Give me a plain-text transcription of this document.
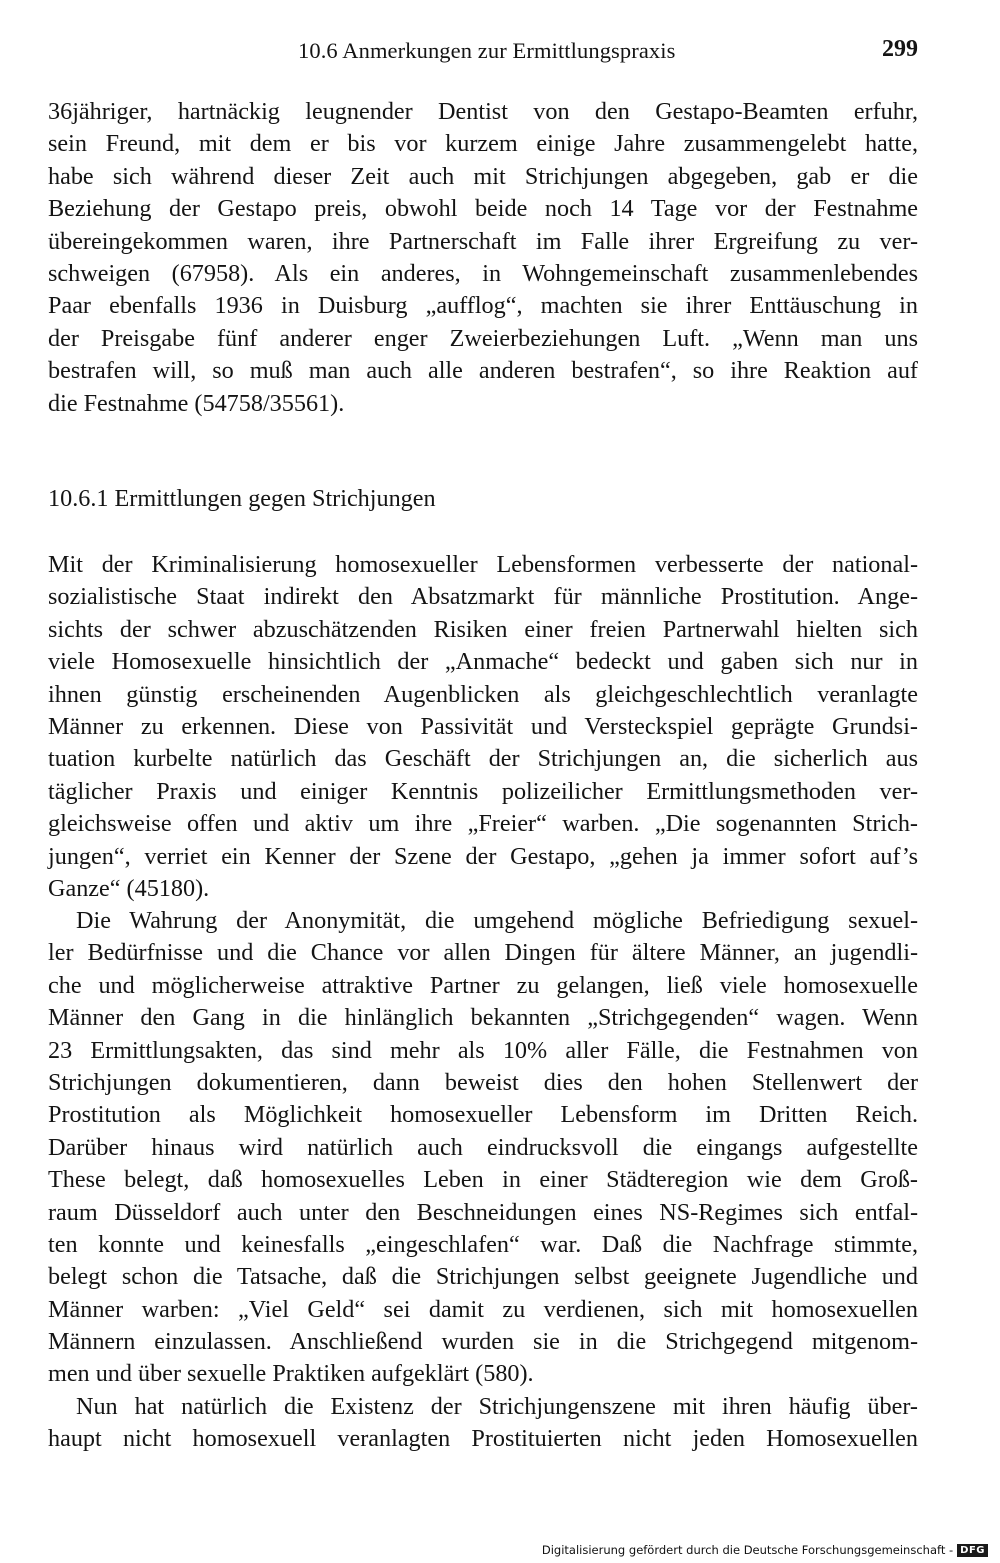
10.6 Anmerkungen zur Ermittlungspraxis	299
36jähriger, hartnäckig leugnender Dentist von den Gestapo-Beamten erfuhr,
sein Freund, mit dem er bis vor kurzem einige Jahre zusammengelebt hatte,
habe sich während dieser Zeit auch mit Strichjungen abgegeben, gab er die
Beziehung der Gestapo preis, obwohl beide noch 14 Tage vor der Festnahme
übereingekommen waren, ihre Partnerschaft im Falle ihrer Ergreifung zu ver-
schweigen (67958). Als ein anderes, in Wohngemeinschaft zusammenlebendes
Paar ebenfalls 1936 in Duisburg „aufflog“, machten sie ihrer Enttäuschung in
der Preisgabe fünf anderer enger Zweierbeziehungen Luft. „Wenn man uns
bestrafen will, so muß man auch alle anderen bestrafen“, so ihre Reaktion auf
die Festnahme (54758/35561).
10.6.1 Ermittlungen gegen Strichjungen
Mit der Kriminalisierung homosexueller Lebensformen verbesserte der national-
sozialistische Staat indirekt den Absatzmarkt für männliche Prostitution. Ange-
sichts der schwer abzuschätzenden Risiken einer freien Partnerwahl hielten sich
viele Homosexuelle hinsichtlich der „Anmache“ bedeckt und gaben sich nur in
ihnen günstig erscheinenden Augenblicken als gleichgeschlechtlich veranlagte
Männer zu erkennen. Diese von Passivität und Versteckspiel geprägte Grundsi-
tuation kurbelte natürlich das Geschäft der Strichjungen an, die sicherlich aus
täglicher Praxis und einiger Kenntnis polizeilicher Ermittlungsmethoden ver-
gleichsweise offen und aktiv um ihre „Freier“ warben. „Die sogenannten Strich-
jungen“, verriet ein Kenner der Szene der Gestapo, „gehen ja immer sofort auf’s
Ganze“ (45180).
Die Wahrung der Anonymität, die umgehend mögliche Befriedigung sexuel-
ler Bedürfnisse und die Chance vor allen Dingen für ältere Männer, an jugendli-
che und möglicherweise attraktive Partner zu gelangen, ließ viele homosexuelle
Männer den Gang in die hinlänglich bekannten „Strichgegenden“ wagen. Wenn
23 Ermittlungsakten, das sind mehr als 10% aller Fälle, die Festnahmen von
Strichjungen dokumentieren, dann beweist dies den hohen Stellenwert der
Prostitution als Möglichkeit homosexueller Lebensform im Dritten Reich.
Darüber hinaus wird natürlich auch eindrucksvoll die eingangs aufgestellte
These belegt, daß homosexuelles Leben in einer Städteregion wie dem Groß-
raum Düsseldorf auch unter den Beschneidungen eines NS-Regimes sich entfal-
ten konnte und keinesfalls „eingeschlafen“ war. Daß die Nachfrage stimmte,
belegt schon die Tatsache, daß die Strichjungen selbst geeignete Jugendliche und
Männer warben: „Viel Geld“ sei damit zu verdienen, sich mit homosexuellen
Männern einzulassen. Anschließend wurden sie in die Strichgegend mitgenom-
men und über sexuelle Praktiken aufgeklärt (580).
Nun hat natürlich die Existenz der Strichjungenszene mit ihren häufig über-
haupt nicht homosexuell veranlagten Prostituierten nicht jeden Homosexuellen
Digitalisierung gefördert durch die Deutsche Forschungsgemeinschaft - DFG
